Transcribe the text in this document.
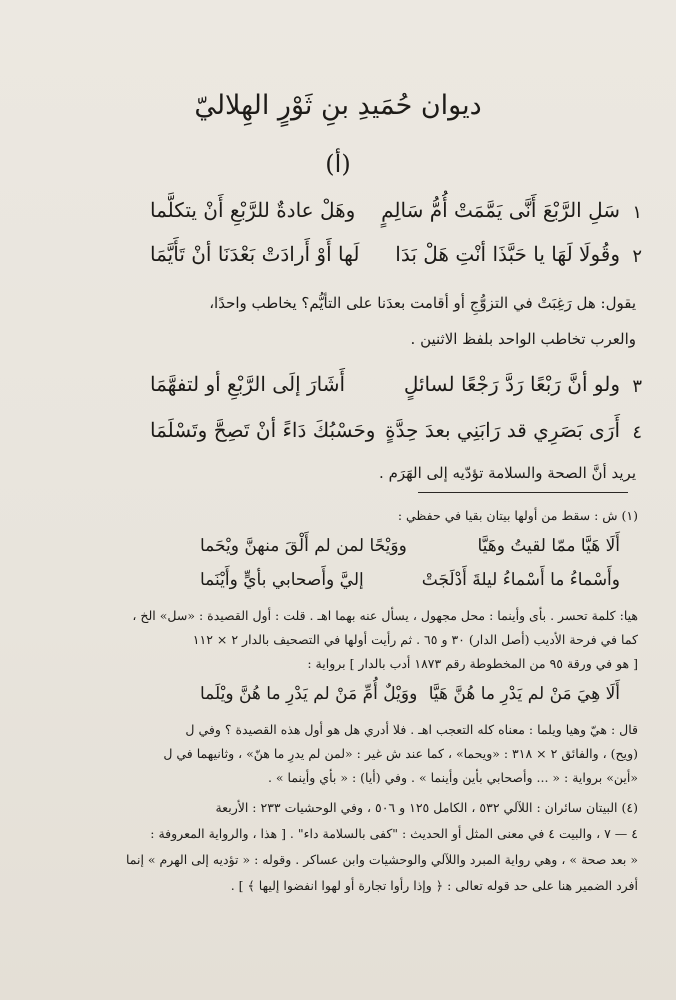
ديوان حُمَيدِ بنِ ثَوْرٍ الهِلاليّ
(أ)
١
سَلِ الرَّبْعَ أَنَّى يَمَّمَتْ أُمُّ سَالِمٍ
وهَلْ عادةٌ للرَّبْعِ أَنْ يتكلَّما
٢
وقُولَا لَهَا يا حَبَّذَا أنْتِ هَلْ بَدَا
لَها أَوْ أَرادَتْ بَعْدَنَا أنْ تَأَيَّمَا
يقول: هل رَغِبَتْ في التزوُّجِ أو أقامت بعدَنا على التأيُّم؟ يخاطب واحدًا،
والعرب تخاطب الواحد بلفظ الاثنين .
٣
ولو أنَّ رَبْعًا رَدَّ رَجْعًا لسائلٍ
أَشَارَ إلَى الرَّبْعِ أو لتفهَّمَا
٤
أَرَى بَصَرِي قد رَابَنِي بعدَ حِدَّةٍ
وحَسْبُكَ دَاءً أنْ تَصِحَّ وتَسْلَمَا
يريد أنَّ الصحة والسلامة تؤدّيه إلى الهَرَم .
(١) ش : سقط من أولها بيتان بقيا في حفظي :
أَلَا هَيَّا ممّا لقيتُ وهَيَّا
ووَيْحًا لمن لم أَلْقَ منهنَّ ويْحَما
وأَسْماءُ ما أَسْماءُ ليلةَ أَدْلَجَتْ
إليَّ وأَصحابي بأيٍّ وأَيْنَما
هيا: كلمة تحسر . بأى وأينما : محل مجهول ، يسأل عنه بهما اهـ . قلت : أول القصيدة : «سل» الخ ،
كما في فرحة الأديب (أصل الدار) ٣٠ و ٦٥ . ثم رأيت أولها في التصحيف بالدار ٢ × ١١٢
[ هو في ورقة ٩٥ من المخطوطة رقم ١٨٧٣ أدب بالدار ] برواية :
أَلَا هِيَ مَنْ لم يَدْرِ ما هُنَّ هَيَّا
ووَيْلٌ أُمِّ مَنْ لم يَدْرِ ما هُنَّ ويْلَما
قال : هيّ وهيا ويلما : معناه كله التعجب اهـ . فلا أدري هل هو أول هذه القصيدة ؟ وفي ل
(ويح) ، والفائق ٢ × ٣١٨ : «ويحما» ، كما عند ش غير : «لمن لم يدرِ ما هنّ» ، وثانيهما في ل
«أين» برواية : « ... وأصحابي بأين وأينما » . وفي (أيا) : « بأي وأينما » .
(٤) البيتان سائران : اللآلي ٥٣٢ ، الكامل ١٢٥ و ٥٠٦ ، وفي الوحشيات ٢٣٣ : الأربعة
٤ — ٧ ، والبيت ٤ في معنى المثل أو الحديث : "كفى بالسلامة داء" . [ هذا ، والرواية المعروفة :
« بعد صحة » ، وهي رواية المبرد واللآلي والوحشيات وابن عساكر . وقوله : « تؤديه إلى الهرم » إنما
أفرد الضمير هنا على حد قوله تعالى : ﴿ وإذا رأوا تجارة أو لهوا انفضوا إليها ﴾ ] .
